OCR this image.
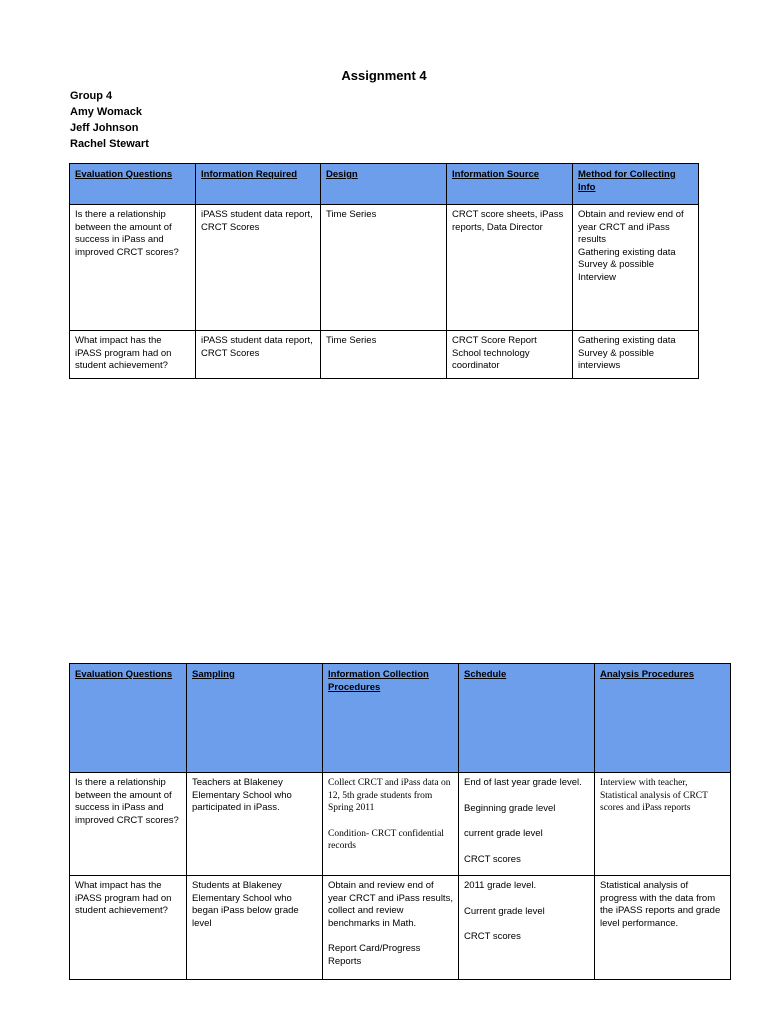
Assignment 4
Group 4
Amy Womack
Jeff Johnson
Rachel Stewart
Evaluation Questions	Information Required	Design	Information Source	Method for Collecting Info
Is there a relationship between the amount of success in iPass and improved CRCT scores?	iPASS student data report, CRCT Scores	Time Series	CRCT score sheets, iPass reports, Data Director	Obtain and review end of year CRCT and iPass results
Gathering existing data
Survey & possible Interview

What impact has the iPASS program had on student achievement?	iPASS student data report, CRCT Scores	Time Series	CRCT Score Report
School technology coordinator	Gathering existing data
Survey & possible interviews
Evaluation Questions	Sampling	Information Collection Procedures	Schedule	Analysis Procedures
Is there a relationship between the amount of success in iPass and improved CRCT scores?	Teachers at Blakeney Elementary School who participated in iPass.	Collect CRCT and iPass data on 12, 5th grade students from Spring 2011
Condition- CRCT confidential records	End of last year grade level.
Beginning grade level
current grade level
CRCT scores	Interview with teacher, Statistical analysis of CRCT scores and iPass reports
What impact has the iPASS program had on student achievement?	Students at Blakeney Elementary School who began iPass below grade level	Obtain and review end of year CRCT and iPass results, collect and review benchmarks in Math.
Report Card/Progress Reports	2011 grade level.
Current grade level
CRCT scores	Statistical analysis of progress with the data from the iPASS reports and grade level performance.
